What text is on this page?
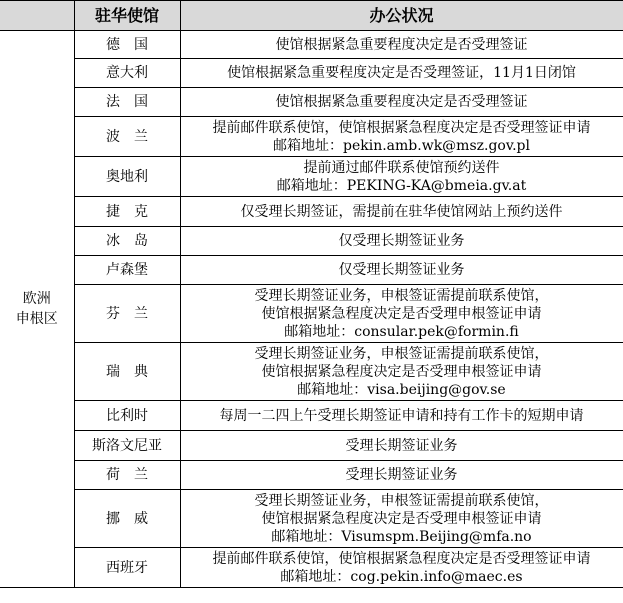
	驻华使馆	办公状况
欧洲
申根区	德　国	使馆根据紧急重要程度决定是否受理签证

	意大利	使馆根据紧急重要程度决定是否受理签证，11月1日闭馆

	法　国	使馆根据紧急重要程度决定是否受理签证

	波　兰	提前邮件联系使馆，使馆根据紧急程度决定是否受理签证申请
邮箱地址：pekin.amb.wk@msz.gov.pl

	奥地利	提前通过邮件联系使馆预约送件
邮箱地址：PEKING-KA@bmeia.gv.at

	捷　克	仅受理长期签证，需提前在驻华使馆网站上预约送件

	冰　岛	仅受理长期签证业务

	卢森堡	仅受理长期签证业务

	芬　兰	受理长期签证业务，申根签证需提前联系使馆，
使馆根据紧急程度决定是否受理申根签证申请
邮箱地址：consular.pek@formin.fi

	瑞　典	受理长期签证业务，申根签证需提前联系使馆，
使馆根据紧急程度决定是否受理申根签证申请
邮箱地址：visa.beijing@gov.se

	比利时	每周一二四上午受理长期签证申请和持有工作卡的短期申请

	斯洛文尼亚	受理长期签证业务

	荷　兰	受理长期签证业务

	挪　威	受理长期签证业务，申根签证需提前联系使馆，
使馆根据紧急程度决定是否受理申根签证申请
邮箱地址：Visumspm.Beijing@mfa.no

	西班牙	提前邮件联系使馆，使馆根据紧急程度决定是否受理签证申请
邮箱地址：cog.pekin.info@maec.es
